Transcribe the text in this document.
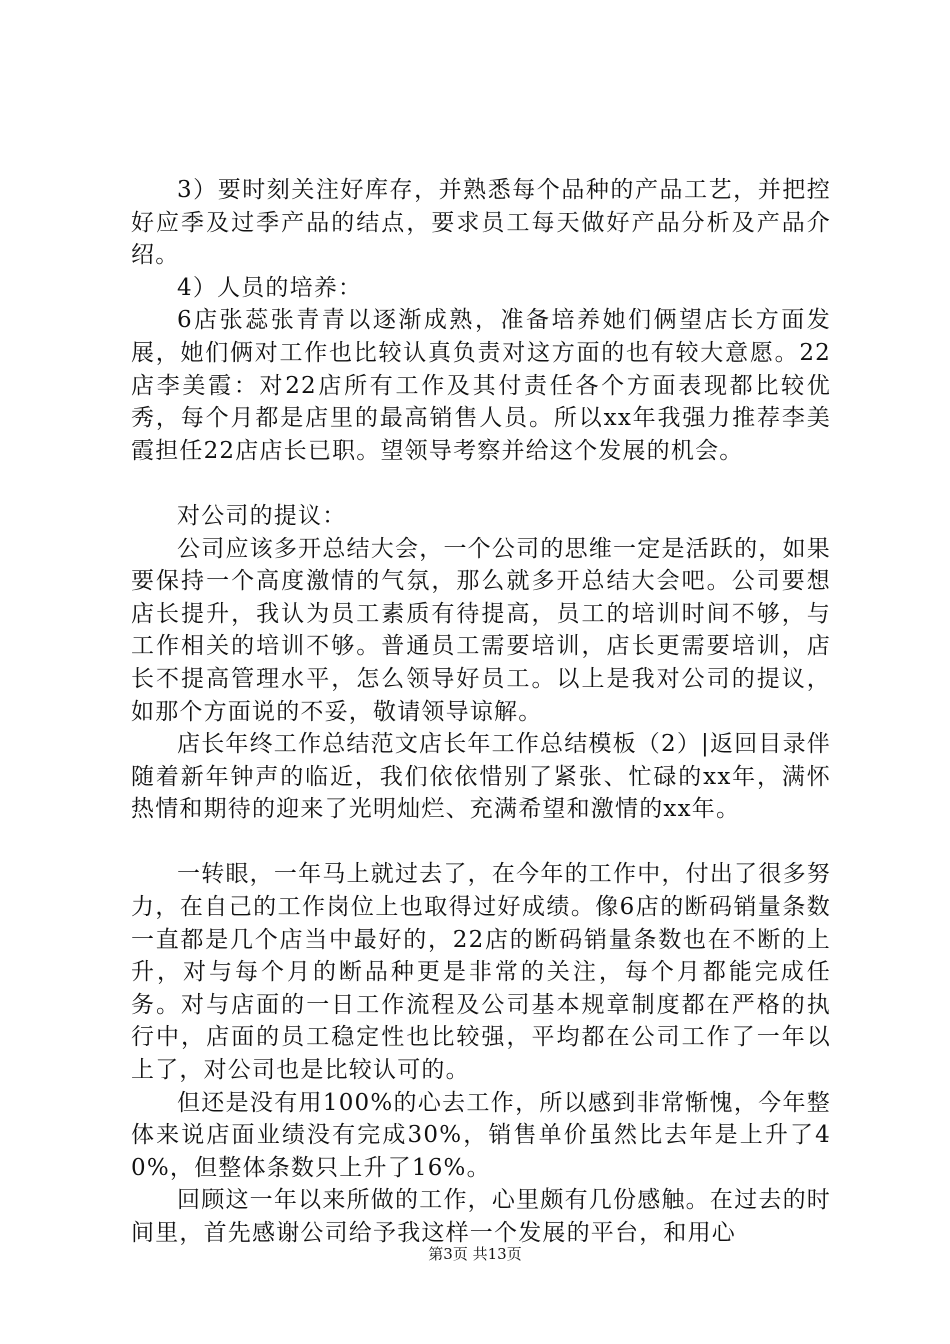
3）要时刻关注好库存，并熟悉每个品种的产品工艺，并把控好应季及过季产品的结点，要求员工每天做好产品分析及产品介绍。

4）人员的培养：

6店张蕊张青青以逐渐成熟，准备培养她们俩望店长方面发展，她们俩对工作也比较认真负责对这方面的也有较大意愿。22店李美霞：对22店所有工作及其付责任各个方面表现都比较优秀，每个月都是店里的最高销售人员。所以xx年我强力推荐李美霞担任22店店长已职。望领导考察并给这个发展的机会。

对公司的提议：

公司应该多开总结大会，一个公司的思维一定是活跃的，如果要保持一个高度激情的气氛，那么就多开总结大会吧。公司要想店长提升，我认为员工素质有待提高，员工的培训时间不够，与工作相关的培训不够。普通员工需要培训，店长更需要培训，店长不提高管理水平，怎么领导好员工。以上是我对公司的提议，如那个方面说的不妥，敬请领导谅解。

店长年终工作总结范文店长年工作总结模板（2）|返回目录伴随着新年钟声的临近，我们依依惜别了紧张、忙碌的xx年，满怀热情和期待的迎来了光明灿烂、充满希望和激情的xx年。

一转眼，一年马上就过去了，在今年的工作中，付出了很多努力，在自己的工作岗位上也取得过好成绩。像6店的断码销量条数一直都是几个店当中最好的，22店的断码销量条数也在不断的上升，对与每个月的断品种更是非常的关注，每个月都能完成任务。对与店面的一日工作流程及公司基本规章制度都在严格的执行中，店面的员工稳定性也比较强，平均都在公司工作了一年以上了，对公司也是比较认可的。

但还是没有用100%的心去工作，所以感到非常惭愧，今年整体来说店面业绩没有完成30%，销售单价虽然比去年是上升了40%，但整体条数只上升了16%。

回顾这一年以来所做的工作，心里颇有几份感触。在过去的时间里，首先感谢公司给予我这样一个发展的平台，和用心

第3页 共13页
